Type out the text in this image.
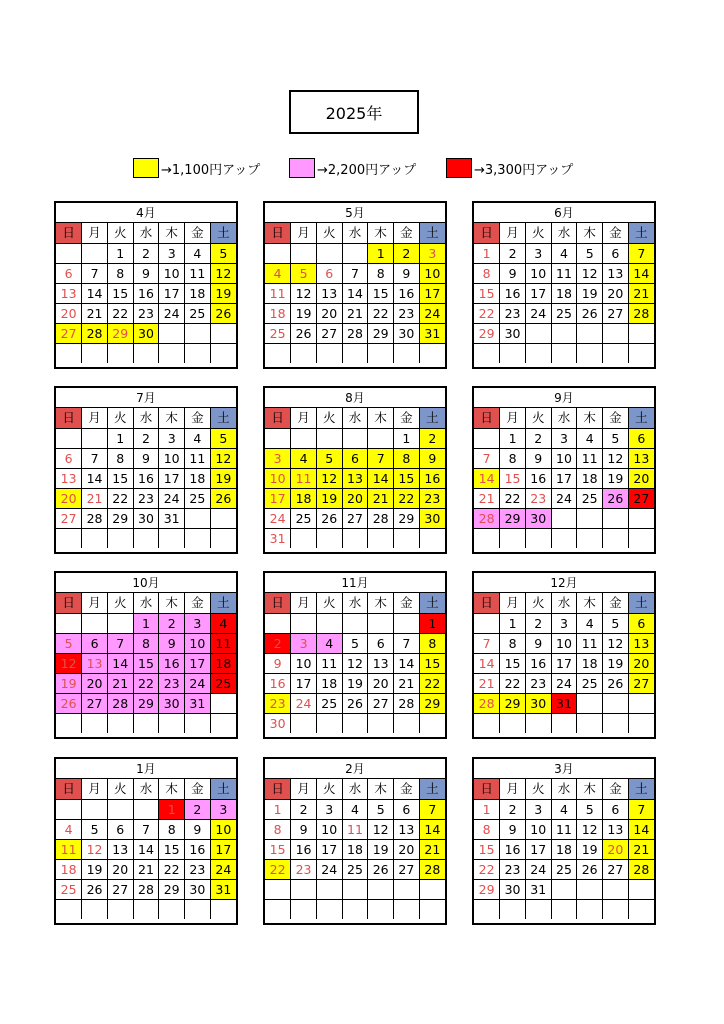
2025年
→1,100円アップ	→2,200円アップ	→3,300円アップ
4月
日	月	火	水	木	金	土
		1	2	3	4	5
6	7	8	9	10	11	12
13	14	15	16	17	18	19
20	21	22	23	24	25	26
27	28	29	30			

5月
日	月	火	水	木	金	土
				1	2	3
4	5	6	7	8	9	10
11	12	13	14	15	16	17
18	19	20	21	22	23	24
25	26	27	28	29	30	31

6月
日	月	火	水	木	金	土
1	2	3	4	5	6	7
8	9	10	11	12	13	14
15	16	17	18	19	20	21
22	23	24	25	26	27	28
29	30					

7月
日	月	火	水	木	金	土
		1	2	3	4	5
6	7	8	9	10	11	12
13	14	15	16	17	18	19
20	21	22	23	24	25	26
27	28	29	30	31		

8月
日	月	火	水	木	金	土
					1	2
3	4	5	6	7	8	9
10	11	12	13	14	15	16
17	18	19	20	21	22	23
24	25	26	27	28	29	30
31						
9月
日	月	火	水	木	金	土
	1	2	3	4	5	6
7	8	9	10	11	12	13
14	15	16	17	18	19	20
21	22	23	24	25	26	27
28	29	30				

10月
日	月	火	水	木	金	土
			1	2	3	4
5	6	7	8	9	10	11
12	13	14	15	16	17	18
19	20	21	22	23	24	25
26	27	28	29	30	31	

11月
日	月	火	水	木	金	土
						1
2	3	4	5	6	7	8
9	10	11	12	13	14	15
16	17	18	19	20	21	22
23	24	25	26	27	28	29
30						
12月
日	月	火	水	木	金	土
	1	2	3	4	5	6
7	8	9	10	11	12	13
14	15	16	17	18	19	20
21	22	23	24	25	26	27
28	29	30	31			

1月
日	月	火	水	木	金	土
				1	2	3
4	5	6	7	8	9	10
11	12	13	14	15	16	17
18	19	20	21	22	23	24
25	26	27	28	29	30	31

2月
日	月	火	水	木	金	土
1	2	3	4	5	6	7
8	9	10	11	12	13	14
15	16	17	18	19	20	21
22	23	24	25	26	27	28

3月
日	月	火	水	木	金	土
1	2	3	4	5	6	7
8	9	10	11	12	13	14
15	16	17	18	19	20	21
22	23	24	25	26	27	28
29	30	31				
